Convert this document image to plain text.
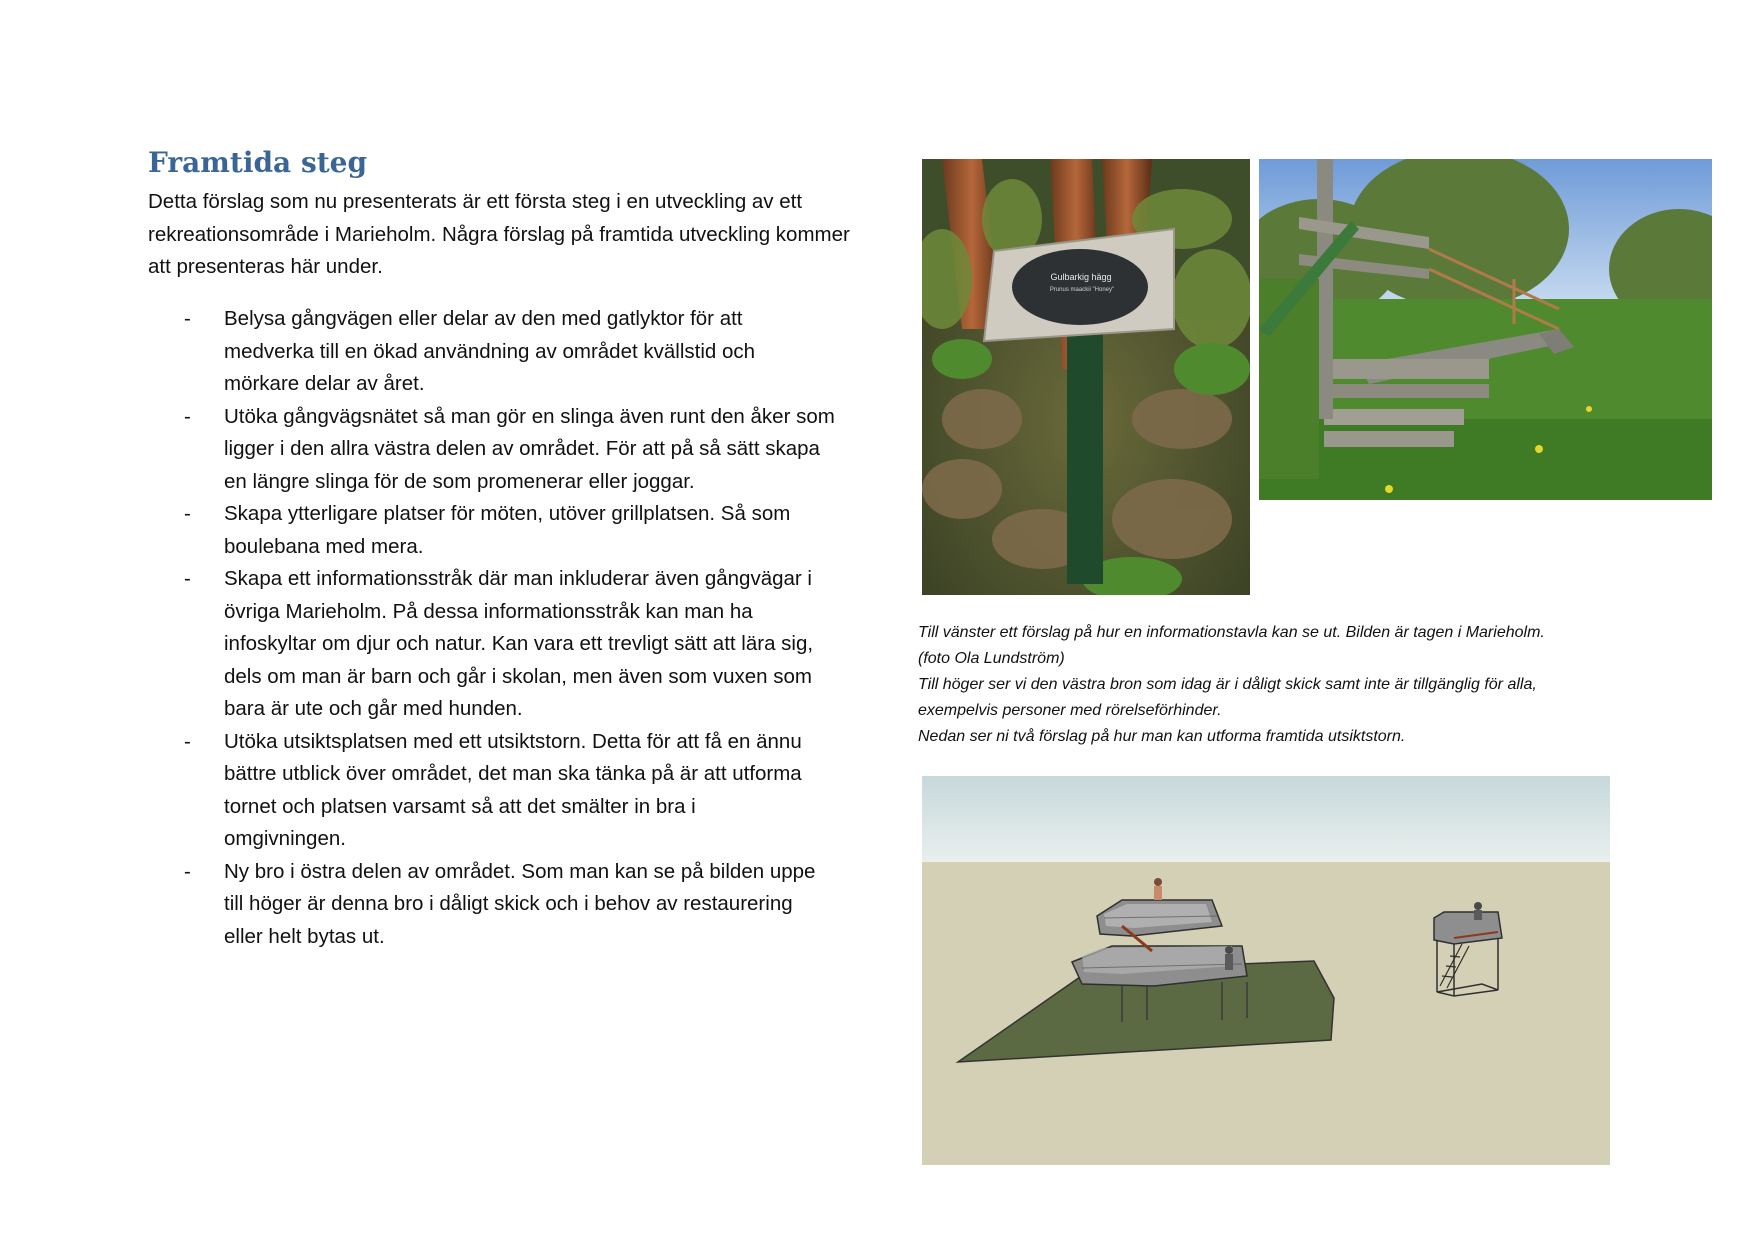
Framtida steg

Detta förslag som nu presenterats är ett första steg i en utveckling av ett rekreationsområde i Marieholm. Några förslag på framtida utveckling kommer att presenteras här under.

- Belysa gångvägen eller delar av den med gatlyktor för att
medverka till en ökad användning av området kvällstid och
mörkare delar av året.
- Utöka gångvägsnätet så man gör en slinga även runt den åker som
ligger i den allra västra delen av området. För att på så sätt skapa
en längre slinga för de som promenerar eller joggar.
- Skapa ytterligare platser för möten, utöver grillplatsen. Så som
boulebana med mera.
- Skapa ett informationsstråk där man inkluderar även gångvägar i
övriga Marieholm. På dessa informationsstråk kan man ha
infoskyltar om djur och natur. Kan vara ett trevligt sätt att lära sig,
dels om man är barn och går i skolan, men även som vuxen som
bara är ute och går med hunden.
- Utöka utsiktsplatsen med ett utsiktstorn. Detta för att få en ännu
bättre utblick över området, det man ska tänka på är att utforma
tornet och platsen varsamt så att det smälter in bra i
omgivningen.
- Ny bro i östra delen av området. Som man kan se på bilden uppe
till höger är denna bro i dåligt skick och i behov av restaurering
eller helt bytas ut.
Gulbarkig hägg
Prunus maackii "Honey"
Till vänster ett förslag på hur en informationstavla kan se ut. Bilden är tagen i Marieholm.
(foto Ola Lundström)
Till höger ser vi den västra bron som idag är i dåligt skick samt inte är tillgänglig för alla,
exempelvis personer med rörelseförhinder.
Nedan ser ni två förslag på hur man kan utforma framtida utsiktstorn.
